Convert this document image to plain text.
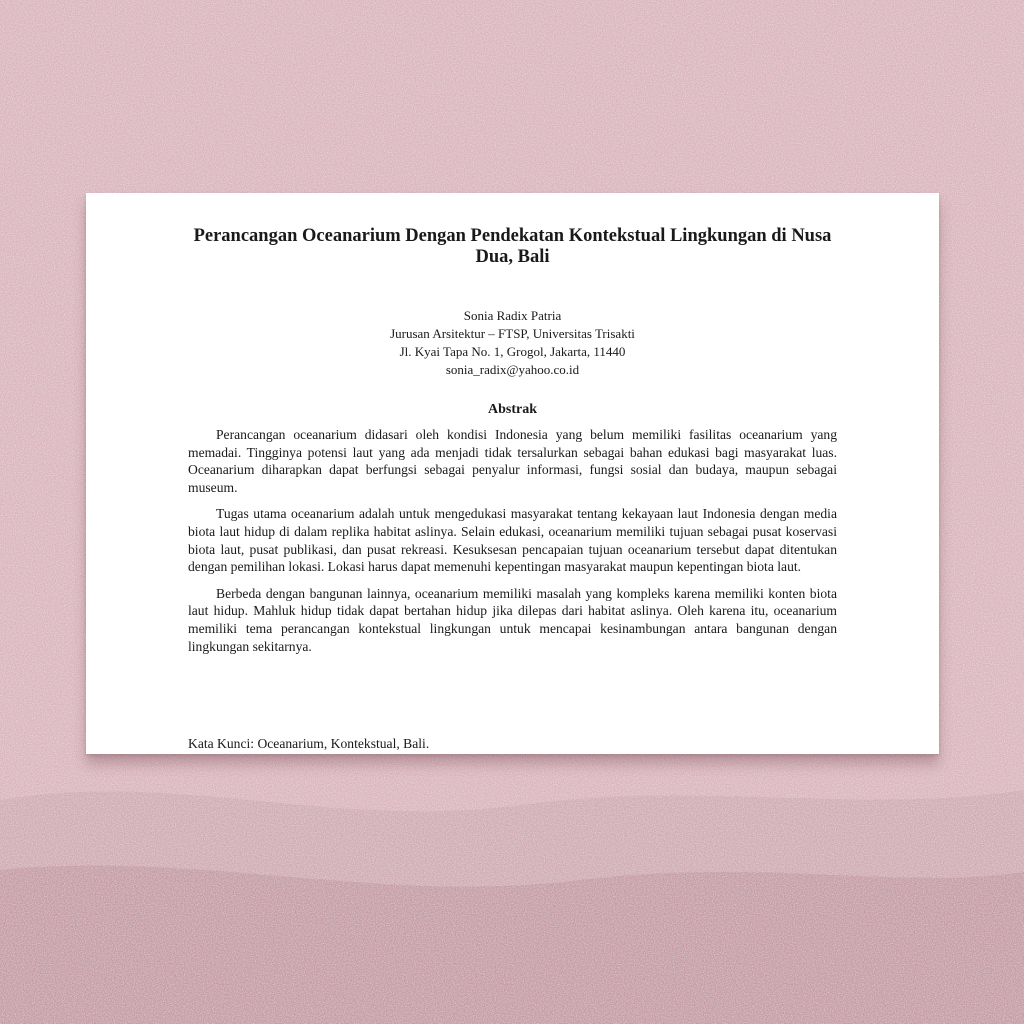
Perancangan Oceanarium Dengan Pendekatan Kontekstual Lingkungan di Nusa Dua, Bali
Sonia Radix Patria
Jurusan Arsitektur – FTSP, Universitas Trisakti
Jl. Kyai Tapa No. 1, Grogol, Jakarta, 11440
sonia_radix@yahoo.co.id
Abstrak

Perancangan oceanarium didasari oleh kondisi Indonesia yang belum memiliki fasilitas oceanarium yang memadai. Tingginya potensi laut yang ada menjadi tidak tersalurkan sebagai bahan edukasi bagi masyarakat luas. Oceanarium diharapkan dapat berfungsi sebagai penyalur informasi, fungsi sosial dan budaya, maupun sebagai museum.

Tugas utama oceanarium adalah untuk mengedukasi masyarakat tentang kekayaan laut Indonesia dengan media biota laut hidup di dalam replika habitat aslinya. Selain edukasi, oceanarium memiliki tujuan sebagai pusat koservasi biota laut, pusat publikasi, dan pusat rekreasi. Kesuksesan pencapaian tujuan oceanarium tersebut dapat ditentukan dengan pemilihan lokasi. Lokasi harus dapat memenuhi kepentingan masyarakat maupun kepentingan biota laut.

Berbeda dengan bangunan lainnya, oceanarium memiliki masalah yang kompleks karena memiliki konten biota laut hidup. Mahluk hidup tidak dapat bertahan hidup jika dilepas dari habitat aslinya. Oleh karena itu, oceanarium memiliki tema perancangan kontekstual lingkungan untuk mencapai kesinambungan antara bangunan dengan lingkungan sekitarnya.

Kata Kunci: Oceanarium, Kontekstual, Bali.
